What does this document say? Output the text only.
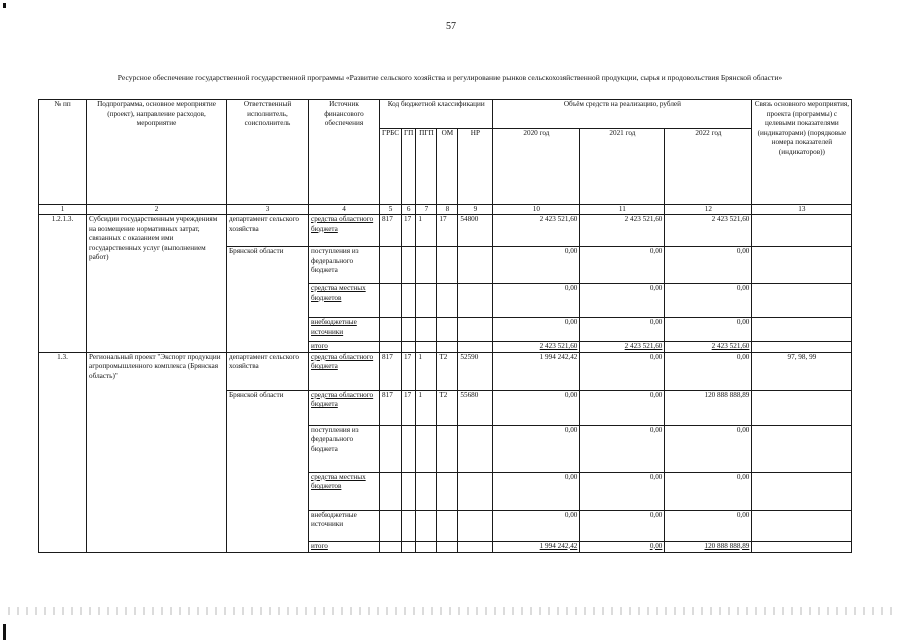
57
Ресурсное обеспечение государственной государственной программы «Развитие сельского хозяйства и регулирование рынков сельскохозяйственной продукции, сырья и продовольствия Брянской области»
№ пп	Подпрограмма, основное мероприятие (проект), направление расходов, мероприятие	Ответственный исполнитель, соисполнитель	Источник финансового обеспечения	Код бюджетной классификации					Объём средств на реализацию, рублей			Связь основного мероприятия, проекта (программы) с целевыми показателями (индикаторами) (порядковые номера показателей (индикаторов))
				ГРБС	ГП	ПГП	ОМ	НР	2020 год	2021 год	2022 год	
1	2	3	4	5	6	7	8	9	10	11	12	13
1.2.1.3.	Субсидии государственным учреждениям на возмещение нормативных затрат, связанных с оказанием ими государственных услуг (выполнением работ)	департамент сельского хозяйства	средства областного бюджета	817	17	1	17	54800	2 423 521,60	2 423 521,60	2 423 521,60	
		Брянской области	поступления из федерального бюджета						0,00	0,00	0,00	
			средства местных бюджетов						0,00	0,00	0,00	
			внебюджетные источники						0,00	0,00	0,00	
			итого						2 423 521,60	2 423 521,60	2 423 521,60	
1.3.	Региональный проект "Экспорт продукции агропромышленного комплекса (Брянская область)"	департамент сельского хозяйства	средства областного бюджета	817	17	1	T2	52590	1 994 242,42	0,00	0,00	97, 98, 99
		Брянской области	средства областного бюджета	817	17	1	T2	55680	0,00	0,00	120 888 888,89	
			поступления из федерального бюджета						0,00	0,00	0,00	
			средства местных бюджетов						0,00	0,00	0,00	
			внебюджетные источники						0,00	0,00	0,00	
			итого						1 994 242,42	0,00	120 888 888,89	
